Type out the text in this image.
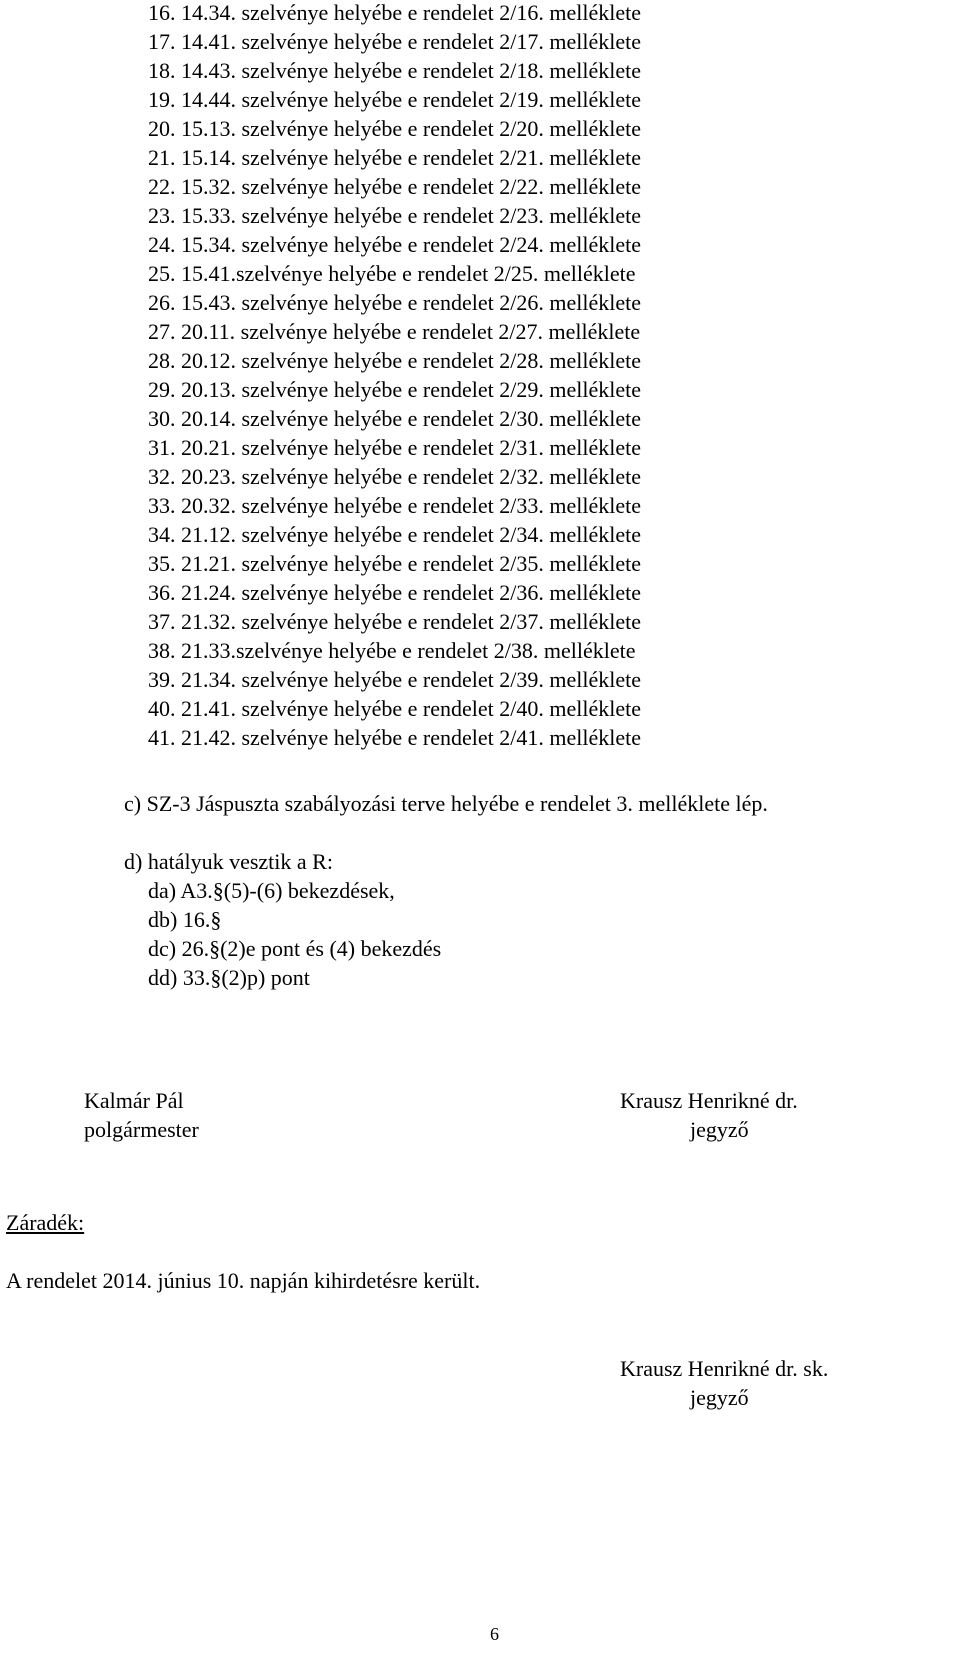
16. 14.34. szelvénye helyébe e rendelet 2/16. melléklete
17. 14.41. szelvénye helyébe e rendelet 2/17. melléklete
18. 14.43. szelvénye helyébe e rendelet 2/18. melléklete
19. 14.44. szelvénye helyébe e rendelet 2/19. melléklete
20. 15.13. szelvénye helyébe e rendelet 2/20. melléklete
21. 15.14. szelvénye helyébe e rendelet 2/21. melléklete
22. 15.32. szelvénye helyébe e rendelet 2/22. melléklete
23. 15.33. szelvénye helyébe e rendelet 2/23. melléklete
24. 15.34. szelvénye helyébe e rendelet 2/24. melléklete
25. 15.41.szelvénye helyébe e rendelet 2/25. melléklete
26. 15.43. szelvénye helyébe e rendelet 2/26. melléklete
27. 20.11. szelvénye helyébe e rendelet 2/27. melléklete
28. 20.12. szelvénye helyébe e rendelet 2/28. melléklete
29. 20.13. szelvénye helyébe e rendelet 2/29. melléklete
30. 20.14. szelvénye helyébe e rendelet 2/30. melléklete
31. 20.21. szelvénye helyébe e rendelet 2/31. melléklete
32. 20.23. szelvénye helyébe e rendelet 2/32. melléklete
33. 20.32. szelvénye helyébe e rendelet 2/33. melléklete
34. 21.12. szelvénye helyébe e rendelet 2/34. melléklete
35. 21.21. szelvénye helyébe e rendelet 2/35. melléklete
36. 21.24. szelvénye helyébe e rendelet 2/36. melléklete
37. 21.32. szelvénye helyébe e rendelet 2/37. melléklete
38. 21.33.szelvénye helyébe e rendelet 2/38. melléklete
39. 21.34. szelvénye helyébe e rendelet 2/39. melléklete
40. 21.41. szelvénye helyébe e rendelet 2/40. melléklete
41. 21.42. szelvénye helyébe e rendelet 2/41. melléklete
c) SZ-3 Jáspuszta szabályozási terve helyébe e rendelet 3. melléklete lép.
d) hatályuk vesztik a R:
da) A3.§(5)-(6) bekezdések,
db) 16.§
dc) 26.§(2)e pont és (4) bekezdés
dd) 33.§(2)p) pont
Kalmár Pál
polgármester
Krausz Henrikné dr.
jegyző
Záradék:
A rendelet 2014. június 10. napján kihirdetésre került.
Krausz Henrikné dr. sk.
jegyző
6
